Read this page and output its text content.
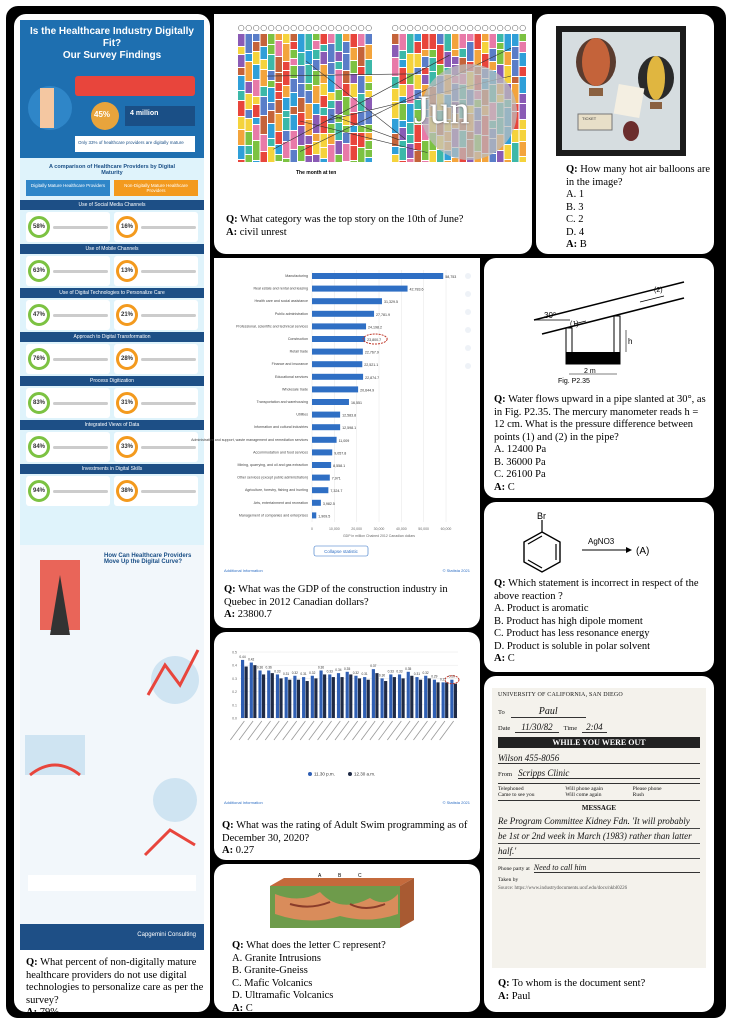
Is the Healthcare Industry Digitally Fit?
Our Survey Findings
45%	4 million
Only 33% of healthcare providers are digitally mature
A comparison of Healthcare Providers by Digital Maturity
Digitally Mature Healthcare Providers	Non-Digitally Mature Healthcare Providers
Use of Social Media Channels
58%	16%
Use of Mobile Channels
63%	13%
Use of Digital Technologies to Personalize Care
47%	21%
Approach to Digital Transformation
76%	28%
Process Digitization
83%	31%
Integrated Views of Data
84%	33%
Investments in Digital Skills
94%	38%
How Can Healthcare Providers Move Up the Digital Curve?
Capgemini Consulting
Q: What percent of non-digitally mature healthcare providers do not use digital technologies to personalize care as per the survey?
A: 79%
Jun
The month at ten
Q: What category was the top story on the 10th of June?
A: civil unrest
TICKET
Q: How many hot air balloons are in the image?
A. 1
B. 3
C. 2
D. 4
A: B
0	10,000	20,000	30,000	40,000	50,000	60,000
Manufacturing	58,753
Real estate and rental and leasing	42,783.6
Health care and social assistance	31,329.5
Public administration	27,781.9
Professional, scientific and technical services	24,198.2
Construction	23,800.7
Retail trade	22,767.9
Finance and insurance	22,521.1
Educational services	22,874.7
Wholesale trade	20,644.9
Transportation and warehousing	16,551
Utilities	12,583.8
Information and cultural industries	12,598.1
Administrative and support, waste management and remediation services	11,009
Accommodation and food services	9,057.8
Mining, quarrying, and oil and gas extraction	8,558.1
Other services (except public administration)	7,971
Agriculture, forestry, fishing and hunting	7,324.7
Arts, entertainment and recreation	3,982.5
Management of companies and enterprises	1,909.5
GDP in million Chained 2012 Canadian dollars
Collapse statistic
Additional Information	© Statista 2021
Q: What was the GDP of the construction industry in Quebec in 2012 Canadian dollars?
A: 23800.7
30°
(1)
(2)
h
2 m
Fig. P2.35
Q: Water flows upward in a pipe slanted at 30°, as in Fig. P2.35. The mercury manometer reads h = 12 cm. What is the pressure difference between points (1) and (2) in the pipe?
A. 12400 Pa
B. 36000 Pa
C. 26100 Pa
A: C
Br
AgNO3
(A)
Q: Which statement is incorrect in respect of the above reaction ?
A. Product is aromatic
B. Product has high dipole moment
C. Product has less resonance energy
D. Product is soluble in polar solvent
A: C
0.0
0.1
0.2
0.3
0.4
0.5
0.44
0.42
0.36 0.36
0.33
0.31 0.32 0.31 0.32
0.36
0.33 0.34 0.35
0.32 0.31
0.37
0.30
0.33 0.33
0.35
0.31 0.32
0.29
0.27
0.29
11.30 p.m.	12.30 a.m.
Additional Information	© Statista 2021
Q: What was the rating of Adult Swim programming as of December 30, 2020?
A: 0.27
A	B	C
Q: What does the letter C represent?
A. Granite Intrusions
B. Granite-Gneiss
C. Mafic Volcanics
D. Ultramafic Volcanics
A: C
UNIVERSITY OF CALIFORNIA, SAN DIEGO
To	Paul
Date	11/30/82	Time	2:04
WHILE YOU WERE OUT
Wilson 455-8056
From Scripps Clinic
Telephoned	Will phone again	Please phone
Came to see you	Will come again	Rush
MESSAGE
Re Program Committee Kidney Fdn. 'It will probably be 1st or 2nd week in March (1983) rather than latter half.'
Phone party at Need to call him
Taken by
Source: https://www.industrydocuments.ucsf.edu/docs/nkbl0226
Q: To whom is the document sent?
A: Paul
